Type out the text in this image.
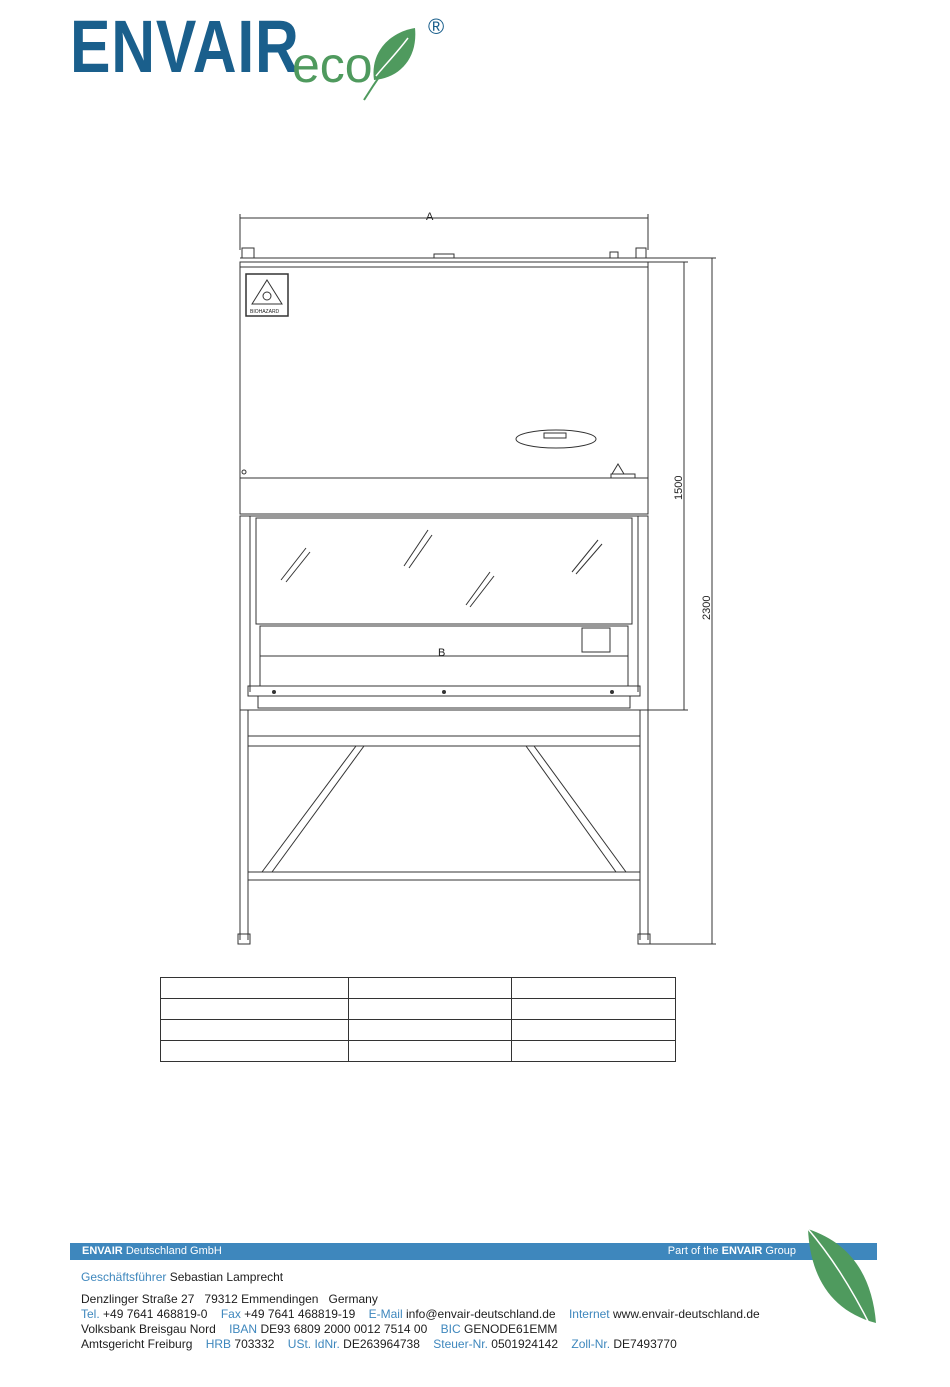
ENVAIR
eco
®
A
B
1500
2300
BIOHAZARD

ENVAIR Deutschland GmbH	Part of the ENVAIR Group
Geschäftsführer Sebastian Lamprecht
Denzlinger Straße 27 79312 Emmendingen Germany
Tel. +49 7641 468819-0 Fax +49 7641 468819-19 E-Mail info@envair-deutschland.de Internet www.envair-deutschland.de
Volksbank Breisgau Nord IBAN DE93 6809 2000 0012 7514 00 BIC GENODE61EMM
Amtsgericht Freiburg HRB 703332 USt. IdNr. DE263964738 Steuer-Nr. 0501924142 Zoll-Nr. DE7493770
